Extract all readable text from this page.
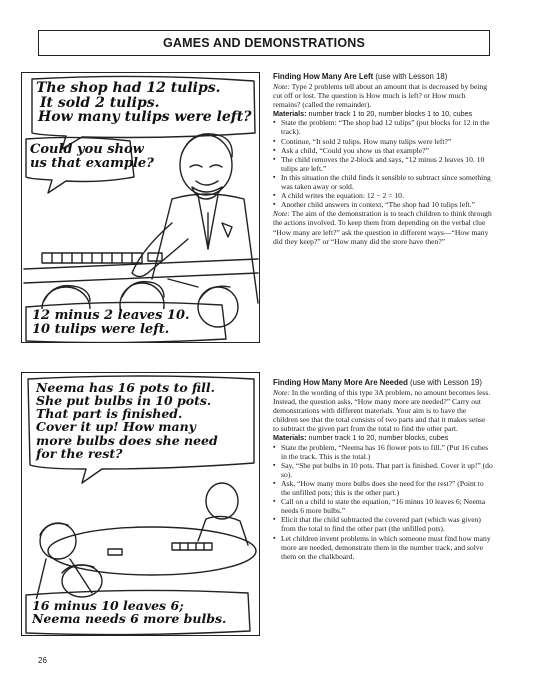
GAMES AND DEMONSTRATIONS
The shop had 12 tulips.
It sold 2 tulips.
How many tulips were left?
Could you show
us that example?
12 minus 2 leaves 10.
10 tulips were left.
Neema has 16 pots to fill.
She put bulbs in 10 pots.
That part is finished.
Cover it up! How many
more bulbs does she need
for the rest?
16 minus 10 leaves 6;
Neema needs 6 more bulbs.
Finding How Many Are Left (use with Lesson 18)
Note: Type 2 problems tell about an amount that is decreased by being cut off or lost. The question is How much is left? or How much remains? (called the remainder).
Materials: number track 1 to 20, number blocks 1 to 10, cubes
▪ State the problem: “The shop had 12 tulips” (put blocks for 12 in the track).
▪ Continue, “It sold 2 tulips. How many tulips were left?”
▪ Ask a child, “Could you show us that example?”
▪ The child removes the 2-block and says, “12 minus 2 leaves 10. 10 tulips are left.”
▪ In this situation the child finds it sensible to subtract since something was taken away or sold.
▪ A child writes the equation: 12 − 2 = 10.
▪ Another child answers in context, “The shop had 10 tulips left.”
Note: The aim of the demonstration is to teach children to think through the actions involved. To keep them from depending on the verbal clue “How many are left?” ask the question in different ways—“How many did they keep?” or “How many did the store have then?”
Finding How Many More Are Needed (use with Lesson 19)
Note: In the wording of this type 3A problem, no amount becomes less. Instead, the question asks, “How many more are needed?” Carry out demonstrations with different materials. Your aim is to have the children see that the total consists of two parts and that it makes sense to subtract the given part from the total to find the other part.
Materials: number track 1 to 20, number blocks, cubes
▪ State the problem, “Neema has 16 flower pots to fill.” (Put 16 cubes in the track. This is the total.)
▪ Say, “She put bulbs in 10 pots. That part is finished. Cover it up!” (do so).
▪ Ask, “How many more bulbs does she need for the rest?” (Point to the unfilled pots; this is the other part.)
▪ Call on a child to state the equation, “16 minus 10 leaves 6; Neema needs 6 more bulbs.”
▪ Elicit that the child subtracted the covered part (which was given) from the total to find the other part (the unfilled pots).
▪ Let children invent problems in which someone must find how many more are needed, demonstrate them in the number track, and solve them on the chalkboard.
26
